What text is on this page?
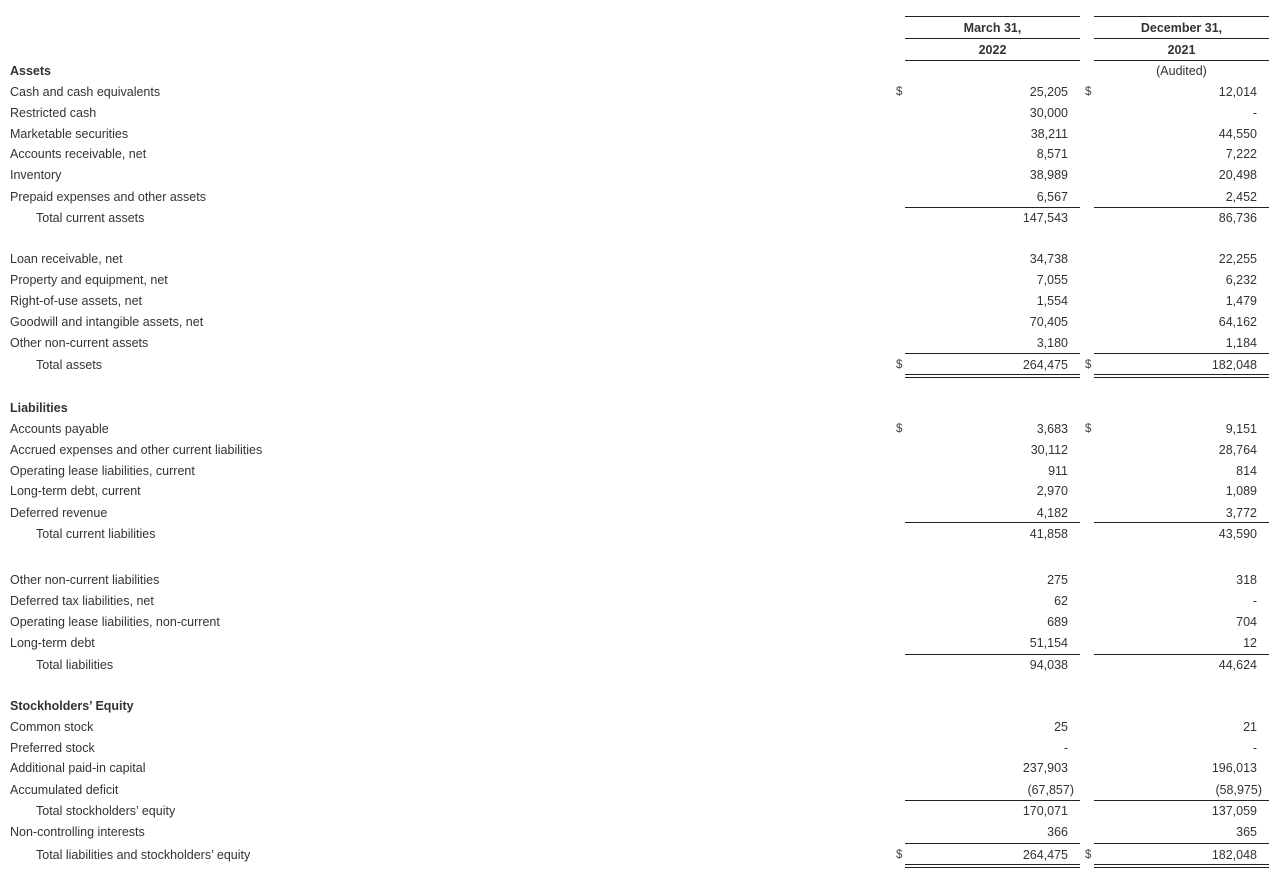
March 31,	December 31,
2022	2021
Assets	(Audited)
Cash and cash equivalents	$	25,205 $	12,014
Restricted cash	30,000	-
Marketable securities	38,211	44,550
Accounts receivable, net	8,571	7,222
Inventory	38,989	20,498
Prepaid expenses and other assets	6,567	2,452
Total current assets	147,543	86,736
Loan receivable, net	34,738	22,255
Property and equipment, net	7,055	6,232
Right-of-use assets, net	1,554	1,479
Goodwill and intangible assets, net	70,405	64,162
Other non-current assets	3,180	1,184
Total assets	$	264,475 $	182,048
Liabilities
Accounts payable	$	3,683 $	9,151
Accrued expenses and other current liabilities	30,112	28,764
Operating lease liabilities, current	911	814
Long-term debt, current	2,970	1,089
Deferred revenue	4,182	3,772
Total current liabilities	41,858	43,590
Other non-current liabilities	275	318
Deferred tax liabilities, net	62	-
Operating lease liabilities, non-current	689	704
Long-term debt	51,154	12
Total liabilities	94,038	44,624
Stockholders’ Equity
Common stock	25	21
Preferred stock	-	-
Additional paid-in capital	237,903	196,013
Accumulated deficit	(67,857)	(58,975)
Total stockholders’ equity	170,071	137,059
Non-controlling interests	366	365
Total liabilities and stockholders’ equity	$	264,475 $	182,048
